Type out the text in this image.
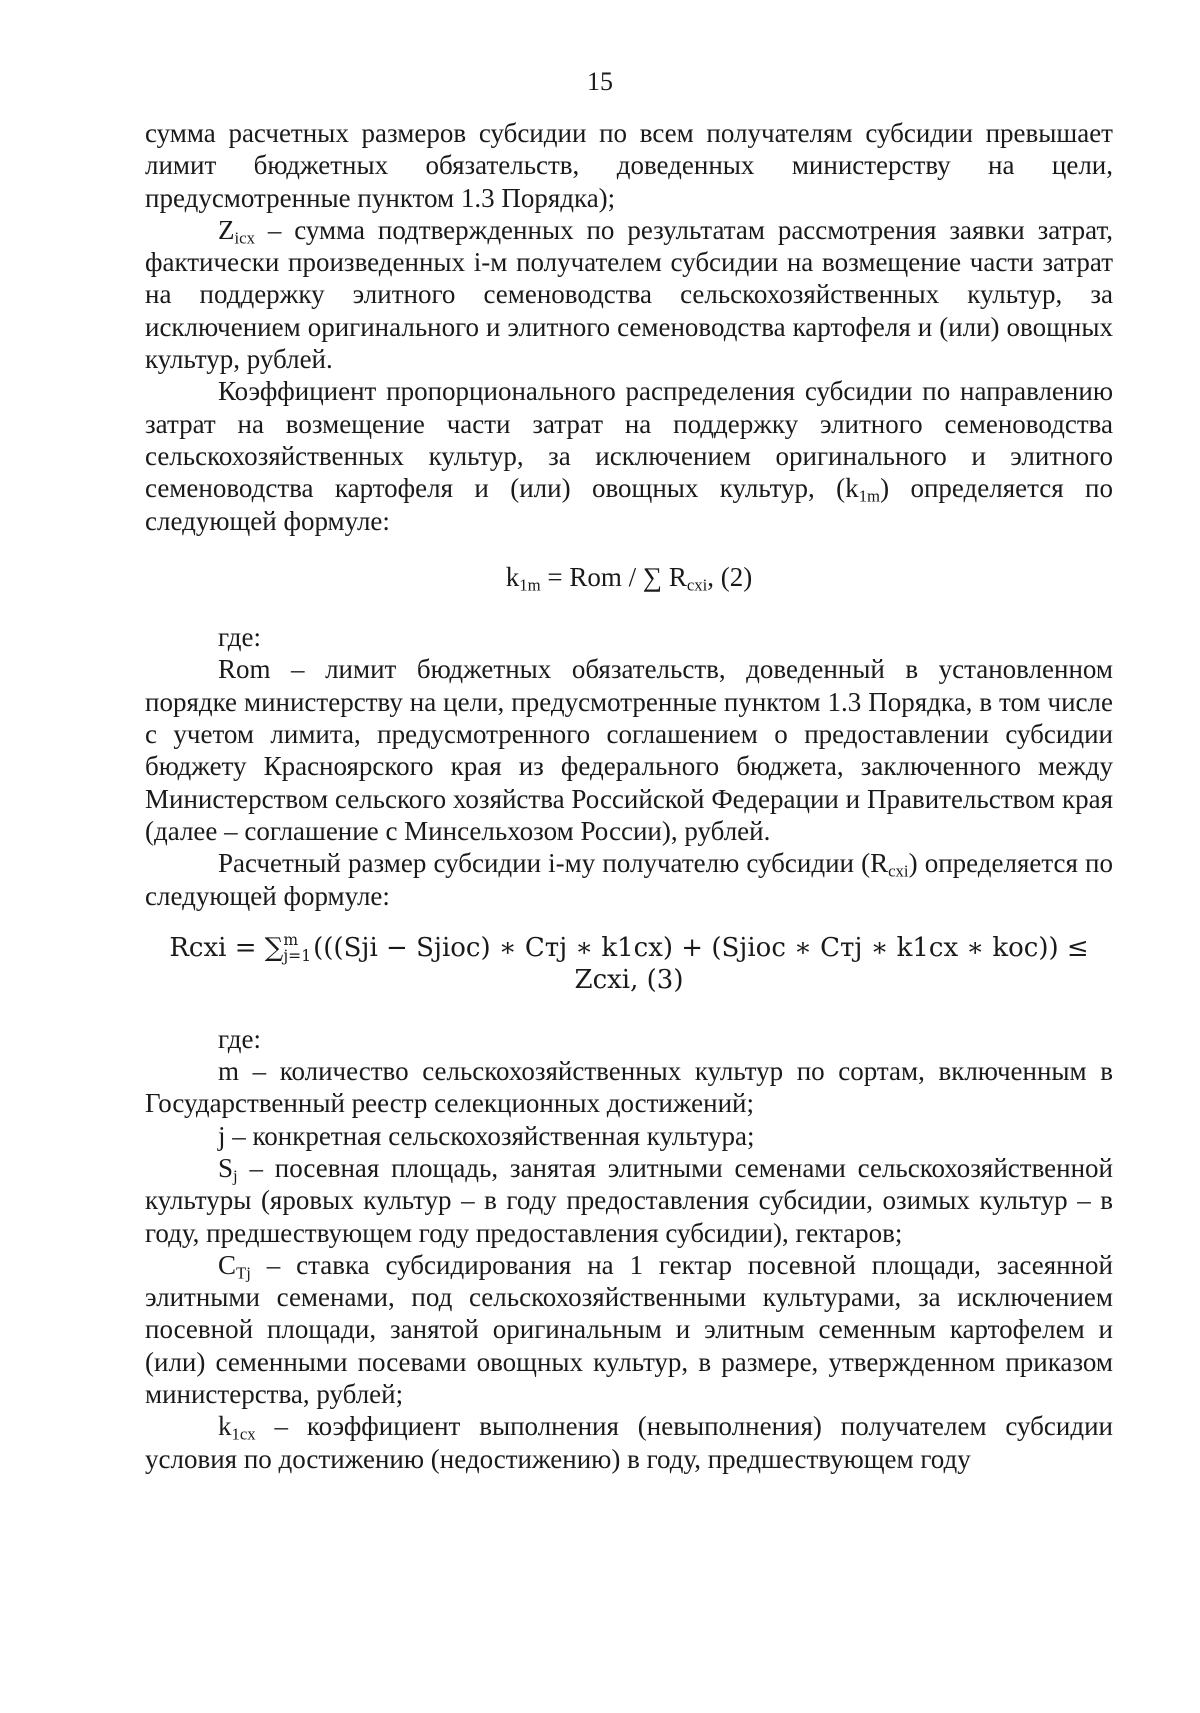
15

сумма расчетных размеров субсидии по всем получателям субсидии превышает лимит бюджетных обязательств, доведенных министерству на цели, предусмотренные пунктом 1.3 Порядка);

$Z_{icx}$ – сумма подтвержденных по результатам рассмотрения заявки затрат, фактически произведенных i-м получателем субсидии на возмещение части затрат на поддержку элитного семеноводства сельскохозяйственных культур, за исключением оригинального и элитного семеноводства картофеля и (или) овощных культур, рублей.

Коэффициент пропорционального распределения субсидии по направлению затрат на возмещение части затрат на поддержку элитного семеноводства сельскохозяйственных культур, за исключением оригинального и элитного семеноводства картофеля и (или) овощных культур, $(k_{1m})$ определяется по следующей формуле:

$k_{1m}$ = Rom / ∑ $R_{cxi}$, (2)

где:

Rom – лимит бюджетных обязательств, доведенный в установленном порядке министерству на цели, предусмотренные пунктом 1.3 Порядка, в том числе с учетом лимита, предусмотренного соглашением о предоставлении субсидии бюджету Красноярского края из федерального бюджета, заключенного между Министерством сельского хозяйства Российской Федерации и Правительством края (далее – соглашение с Минсельхозом России), рублей.

Расчетный размер субсидии i-му получателю субсидии $(R_{cxi})$ определяется по следующей формуле:

Rcxi = ∑ m
j=1 (((Sji − Sjioc) ∗ Cтj ∗ k1cx) + (Sjioc ∗ Cтj ∗ k1cx ∗ koc)) ≤ Zcxi, (3)

где:

m – количество сельскохозяйственных культур по сортам, включенным в Государственный реестр селекционных достижений;

j – конкретная сельскохозяйственная культура;

$S_j$ – посевная площадь, занятая элитными семенами сельскохозяйственной культуры (яровых культур – в году предоставления субсидии, озимых культур – в году, предшествующем году предоставления субсидии), гектаров;

$C_{Tj}$ – ставка субсидирования на 1 гектар посевной площади, засеянной элитными семенами, под сельскохозяйственными культурами, за исключением посевной площади, занятой оригинальным и элитным семенным картофелем и (или) семенными посевами овощных культур, в размере, утвержденном приказом министерства, рублей;

$k_{1cx}$ – коэффициент выполнения (невыполнения) получателем субсидии условия по достижению (недостижению) в году, предшествующем году
